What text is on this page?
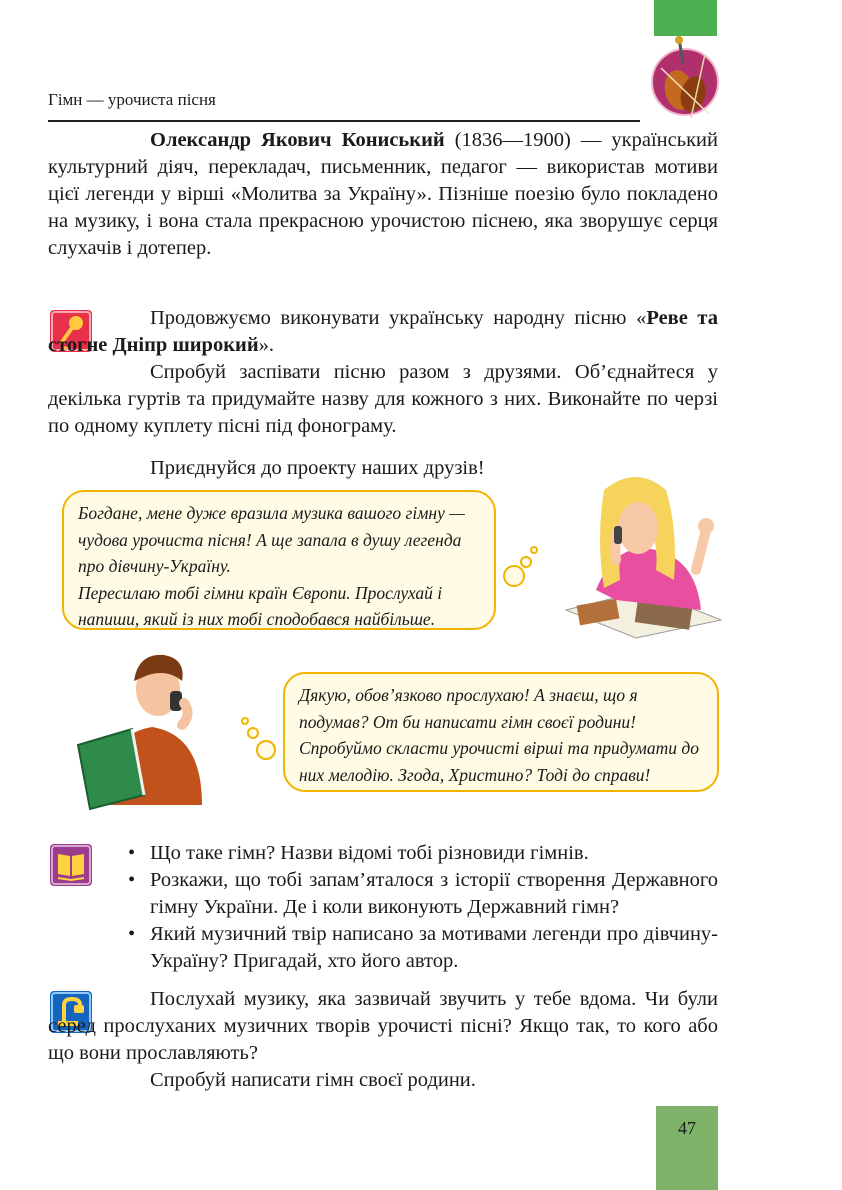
Гімн — урочиста пісня

Олександр Якович Кониський (1836—1900) — український культурний діяч, перекладач, письменник, педагог — використав мотиви цієї легенди у вірші «Молитва за Україну». Пізніше поезію було покладено на музику, і вона стала прекрасною урочистою піснею, яка зворушує серця слухачів і дотепер.

Продовжуємо виконувати українську народну пісню «Реве та стогне Дніпр широкий».

Спробуй заспівати пісню разом з друзями. Об’єднайтеся у декілька гуртів та придумайте назву для кожного з них. Виконайте по черзі по одному куплету пісні під фонограму.

Приєднуйся до проекту наших друзів!

Богдане, мене дуже вразила музика вашого гімну — чудова урочиста пісня! А ще запала в душу легенда про дівчину-Україну.

Пересилаю тобі гімни країн Європи. Прослухай і напиши, який із них тобі сподобався найбільше.

Дякую, обов’язково прослухаю! А знаєш, що я подумав? От би написати гімн своєї родини!

Спробуймо скласти урочисті вірші та придумати до них мелодію. Згода, Христино? Тоді до справи!

• Що таке гімн? Назви відомі тобі різновиди гімнів.
• Розкажи, що тобі запам’яталося з історії створення Державного гімну України. Де і коли виконують Державний гімн?
• Який музичний твір написано за мотивами легенди про дівчину-Україну? Пригадай, хто його автор.

Послухай музику, яка зазвичай звучить у тебе вдома. Чи були серед прослуханих музичних творів урочисті пісні? Якщо так, то кого або що вони прославляють?

Спробуй написати гімн своєї родини.

47
